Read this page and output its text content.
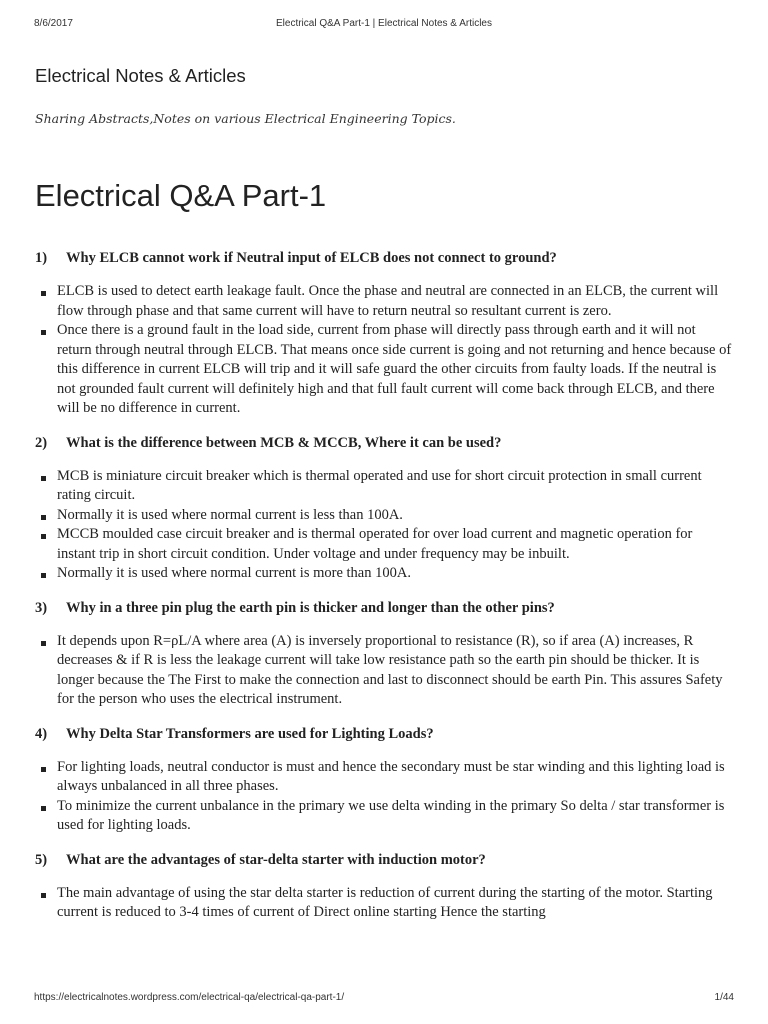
8/6/2017	Electrical Q&A Part-1 | Electrical Notes & Articles
Electrical Notes & Articles
Sharing Abstracts,Notes on various Electrical Engineering Topics.
Electrical Q&A Part-1

1) Why ELCB cannot work if Neutral input of ELCB does not connect to ground?

ELCB is used to detect earth leakage fault. Once the phase and neutral are connected in an ELCB, the current will flow through phase and that same current will have to return neutral so resultant current is zero.
Once there is a ground fault in the load side, current from phase will directly pass through earth and it will not return through neutral through ELCB. That means once side current is going and not returning and hence because of this difference in current ELCB will trip and it will safe guard the other circuits from faulty loads. If the neutral is not grounded fault current will definitely high and that full fault current will come back through ELCB, and there will be no difference in current.

2) What is the difference between MCB & MCCB, Where it can be used?

MCB is miniature circuit breaker which is thermal operated and use for short circuit protection in small current rating circuit.
Normally it is used where normal current is less than 100A.
MCCB moulded case circuit breaker and is thermal operated for over load current and magnetic operation for instant trip in short circuit condition. Under voltage and under frequency may be inbuilt.
Normally it is used where normal current is more than 100A.

3) Why in a three pin plug the earth pin is thicker and longer than the other pins?

It depends upon R=ρL/A where area (A) is inversely proportional to resistance (R), so if area (A) increases, R decreases & if R is less the leakage current will take low resistance path so the earth pin should be thicker. It is longer because the The First to make the connection and last to disconnect should be earth Pin. This assures Safety for the person who uses the electrical instrument.

4) Why Delta Star Transformers are used for Lighting Loads?

For lighting loads, neutral conductor is must and hence the secondary must be star winding and this lighting load is always unbalanced in all three phases.
To minimize the current unbalance in the primary we use delta winding in the primary So delta / star transformer is used for lighting loads.

5) What are the advantages of star-delta starter with induction motor?

The main advantage of using the star delta starter is reduction of current during the starting of the motor. Starting current is reduced to 3-4 times of current of Direct online starting Hence the starting
https://electricalnotes.wordpress.com/electrical-qa/electrical-qa-part-1/	1/44
